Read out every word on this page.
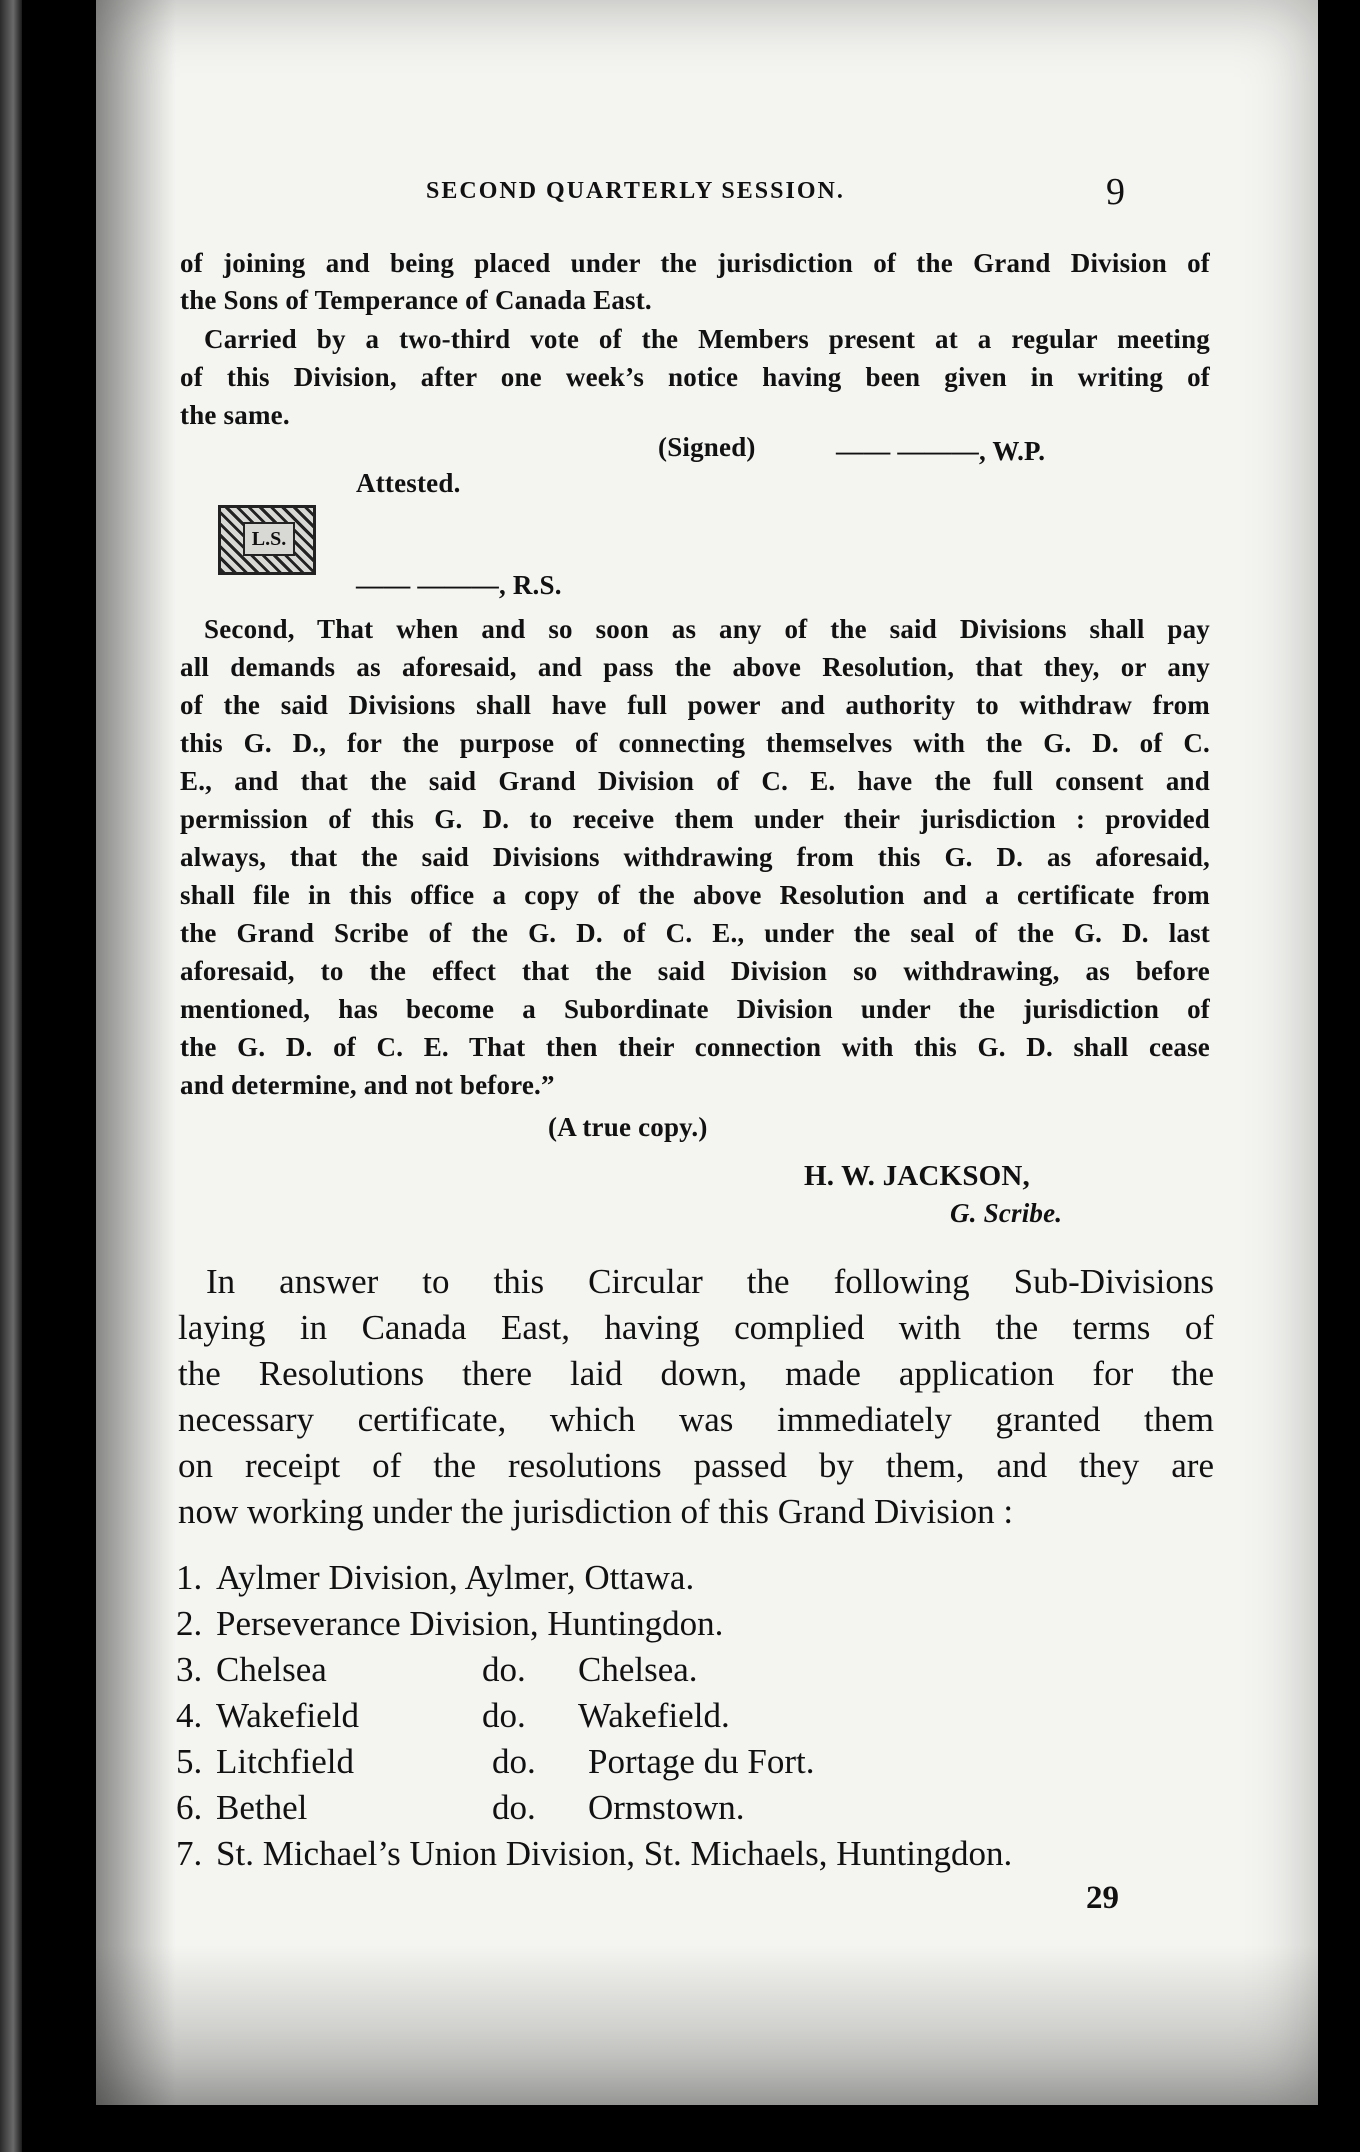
SECOND QUARTERLY SESSION.	9
of joining and being placed under the jurisdiction of the Grand Division of
the Sons of Temperance of Canada East.
Carried by a two-third vote of the Members present at a regular meeting
of this Division, after one week’s notice having been given in writing of
the same.
(Signed)	—— ———, W.P.
Attested.
L.S.
—— ———, R.S.
Second, That when and so soon as any of the said Divisions shall pay
all demands as aforesaid, and pass the above Resolution, that they, or any
of the said Divisions shall have full power and authority to withdraw from
this G. D., for the purpose of connecting themselves with the G. D. of C.
E., and that the said Grand Division of C. E. have the full consent and
permission of this G. D. to receive them under their jurisdiction : provided
always, that the said Divisions withdrawing from this G. D. as aforesaid,
shall file in this office a copy of the above Resolution and a certificate from
the Grand Scribe of the G. D. of C. E., under the seal of the G. D. last
aforesaid, to the effect that the said Division so withdrawing, as before
mentioned, has become a Subordinate Division under the jurisdiction of
the G. D. of C. E. That then their connection with this G. D. shall cease
and determine, and not before.”
(A true copy.)
H. W. JACKSON,
G. Scribe.
In answer to this Circular the following Sub-Divisions
laying in Canada East, having complied with the terms of
the Resolutions there laid down, made application for the
necessary certificate, which was immediately granted them
on receipt of the resolutions passed by them, and they are
now working under the jurisdiction of this Grand Division :
1. Aylmer Division, Aylmer, Ottawa.
2. Perseverance Division, Huntingdon.
3. Chelsea	do. Chelsea.
4. Wakefield	do. Wakefield.
5. Litchfield	do. Portage du Fort.
6. Bethel	do. Ormstown.
7. St. Michael’s Union Division, St. Michaels, Huntingdon.
29
